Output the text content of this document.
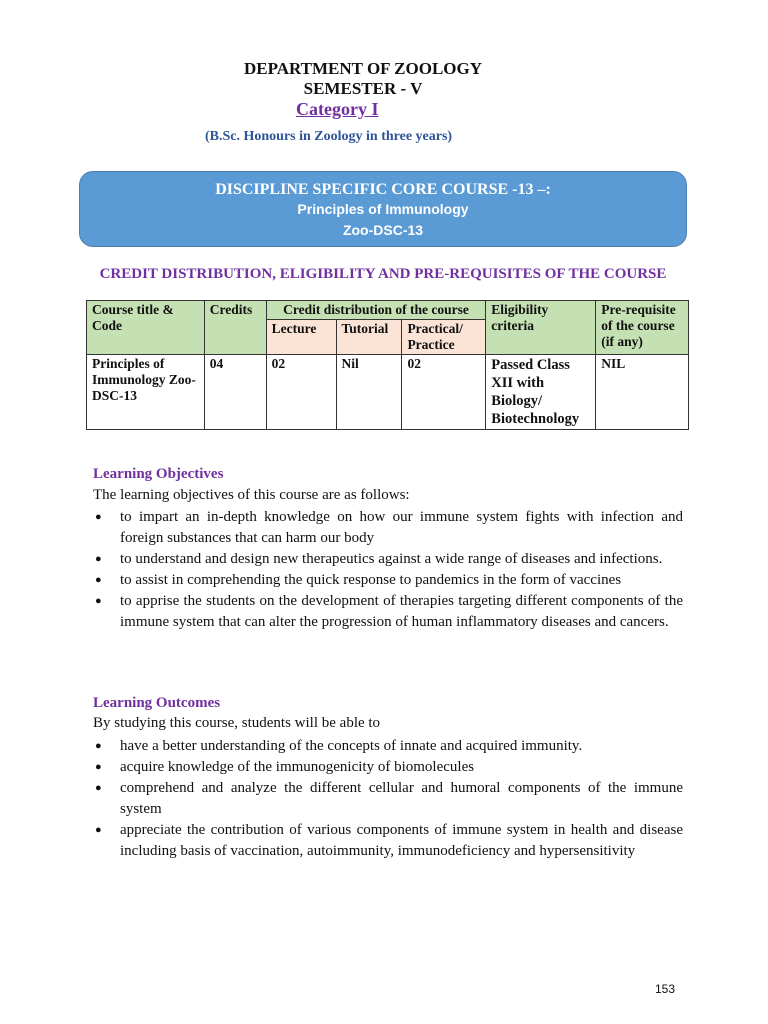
DEPARTMENT OF ZOOLOGY
SEMESTER - V
Category I
(B.Sc. Honours in Zoology in three years)
DISCIPLINE SPECIFIC CORE COURSE -13 –:
Principles of Immunology
Zoo-DSC-13
CREDIT DISTRIBUTION, ELIGIBILITY AND PRE-REQUISITES OF THE COURSE
Course title & Code	Credits	Credit distribution of the course			Eligibility criteria	Pre-requisite of the course (if any)
		Lecture	Tutorial	Practical/ Practice		
Principles of Immunology Zoo-DSC-13	04	02	Nil	02	Passed Class XII with Biology/ Biotechnology	NIL
Learning Objectives
The learning objectives of this course are as follows:
● to impart an in-depth knowledge on how our immune system fights with infection and foreign substances that can harm our body
● to understand and design new therapeutics against a wide range of diseases and infections.
● to assist in comprehending the quick response to pandemics in the form of vaccines
● to apprise the students on the development of therapies targeting different components of the immune system that can alter the progression of human inflammatory diseases and cancers.
Learning Outcomes
By studying this course, students will be able to
● have a better understanding of the concepts of innate and acquired immunity.
● acquire knowledge of the immunogenicity of biomolecules
● comprehend and analyze the different cellular and humoral components of the immune system
● appreciate the contribution of various components of immune system in health and disease including basis of vaccination, autoimmunity, immunodeficiency and hypersensitivity
153
